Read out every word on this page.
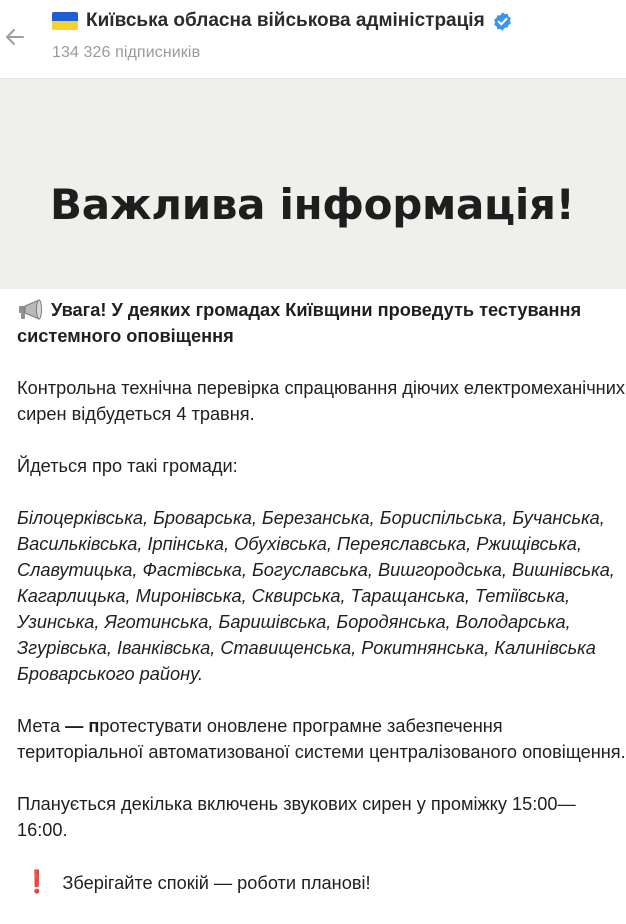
Київська обласна військова адміністрація
134 326 підписників
Важлива інформація!

Увага! У деяких громадах Київщини проведуть тестування системного оповіщення

Контрольна технічна перевірка спрацювання діючих електромеханічних сирен відбудеться 4 травня.

Йдеться про такі громади:

Білоцерківська, Броварська, Березанська, Бориспільська, Бучанська, Васильківська, Ірпінська, Обухівська, Переяславська, Ржищівська, Славутицька, Фастівська, Богуславська, Вишгородська, Вишнівська, Кагарлицька, Миронівська, Сквирська, Таращанська, Тетіївська, Узинська, Яготинська, Баришівська, Бородянська, Володарська, Згурівська, Іванківська, Ставищенська, Рокитнянська, Калинівська Броварського району.

Мета — протестувати оновлене програмне забезпечення територіальної автоматизованої системи централізованого оповіщення.

Планується декілька включень звукових сирен у проміжку 15:00—16:00.

❗ Зберігайте спокій — роботи планові!
